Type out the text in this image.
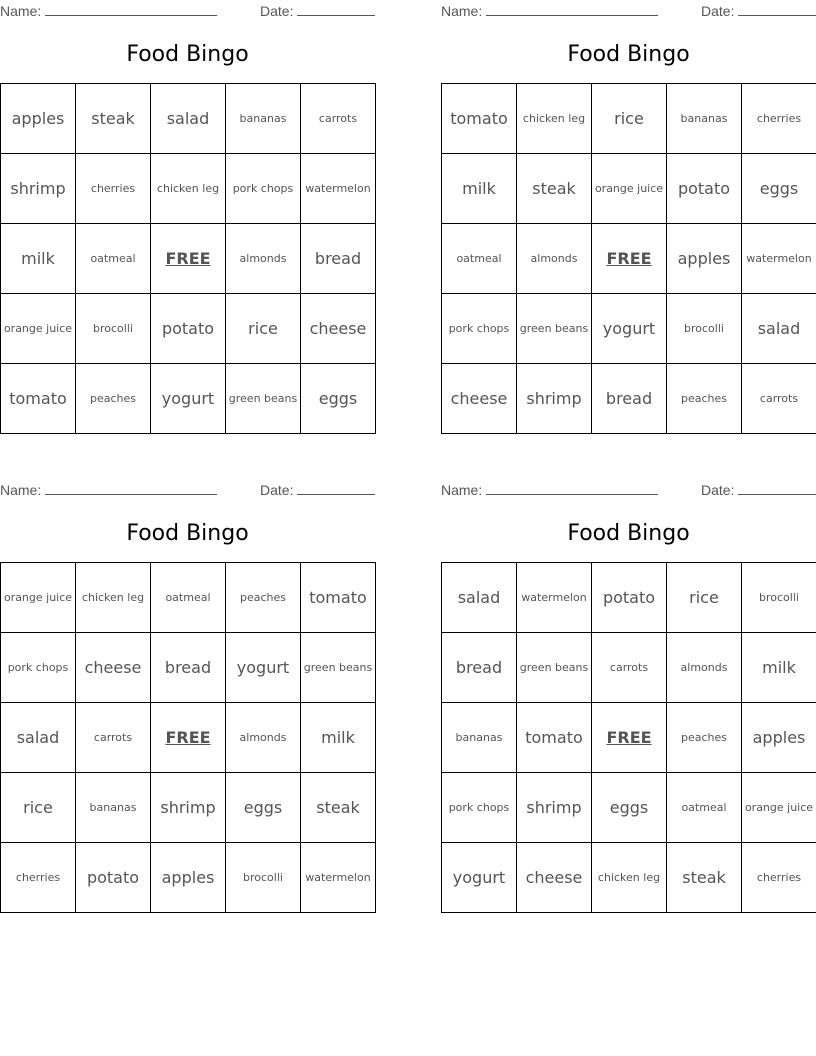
Name:	Date:
Food Bingo
apples	steak	salad	bananas	carrots
shrimp	cherries	chicken leg	pork chops	watermelon
milk	oatmeal	FREE	almonds	bread
orange juice	brocolli	potato	rice	cheese
tomato	peaches	yogurt	green beans	eggs
Name:	Date:
Food Bingo
tomato	chicken leg	rice	bananas	cherries
milk	steak	orange juice	potato	eggs
oatmeal	almonds	FREE	apples	watermelon
pork chops	green beans	yogurt	brocolli	salad
cheese	shrimp	bread	peaches	carrots
Name:	Date:
Food Bingo
orange juice	chicken leg	oatmeal	peaches	tomato
pork chops	cheese	bread	yogurt	green beans
salad	carrots	FREE	almonds	milk
rice	bananas	shrimp	eggs	steak
cherries	potato	apples	brocolli	watermelon
Name:	Date:
Food Bingo
salad	watermelon	potato	rice	brocolli
bread	green beans	carrots	almonds	milk
bananas	tomato	FREE	peaches	apples
pork chops	shrimp	eggs	oatmeal	orange juice
yogurt	cheese	chicken leg	steak	cherries
